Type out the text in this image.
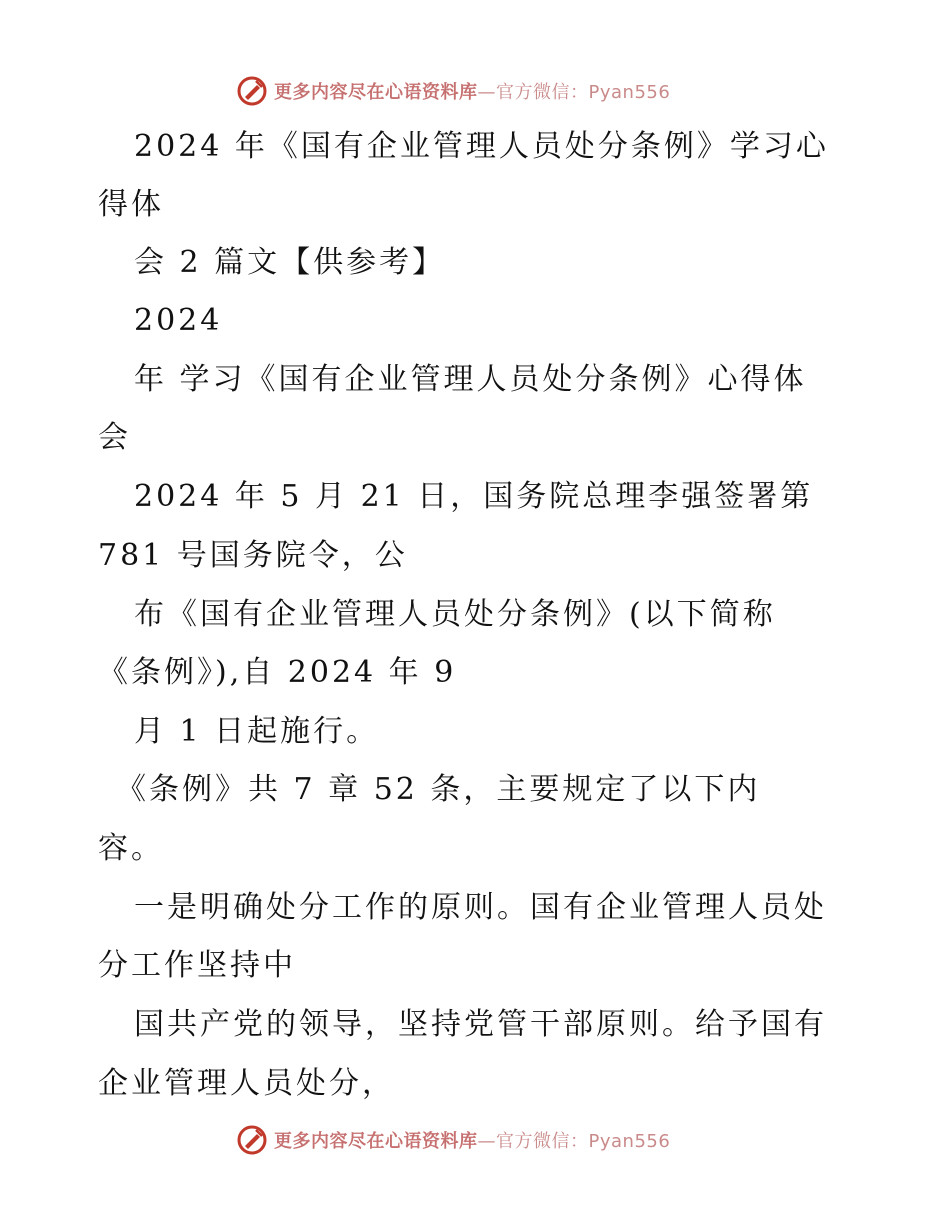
更多内容尽在心语资料库—官方微信：Pyan556
2024 年《国有企业管理人员处分条例》学习心
得体
会 2 篇文【供参考】
2024
年 学习《国有企业管理人员处分条例》心得体
会
2024 年 5 月 21 日，国务院总理李强签署第
781 号国务院令，公
布《国有企业管理人员处分条例》(以下简称
《条例》),自 2024 年 9
月 1 日起施行。
《条例》共 7 章 52 条，主要规定了以下内
容。
一是明确处分工作的原则。国有企业管理人员处
分工作坚持中
国共产党的领导，坚持党管干部原则。给予国有
企业管理人员处分，
更多内容尽在心语资料库—官方微信：Pyan556
